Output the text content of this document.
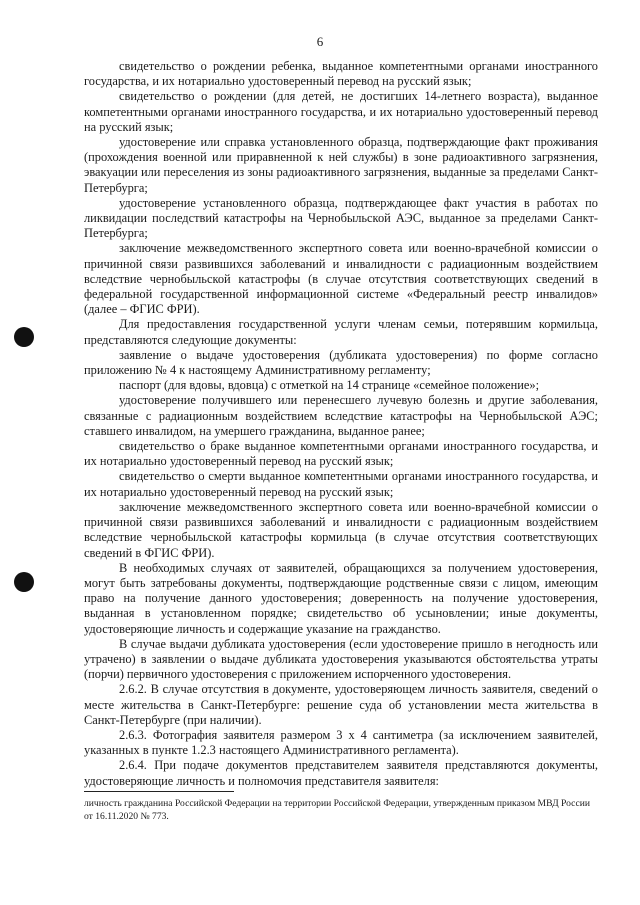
6

свидетельство о рождении ребенка, выданное компетентными органами иностранного государства, и их нотариально удостоверенный перевод на русский язык;

свидетельство о рождении (для детей, не достигших 14-летнего возраста), выданное компетентными органами иностранного государства, и их нотариально удостоверенный перевод на русский язык;

удостоверение или справка установленного образца, подтверждающие факт проживания (прохождения военной или приравненной к ней службы) в зоне радиоактивного загрязнения, эвакуации или переселения из зоны радиоактивного загрязнения, выданные за пределами Санкт-Петербурга;

удостоверение установленного образца, подтверждающее факт участия в работах по ликвидации последствий катастрофы на Чернобыльской АЭС, выданное за пределами Санкт-Петербурга;

заключение межведомственного экспертного совета или военно-врачебной комиссии о причинной связи развившихся заболеваний и инвалидности с радиационным воздействием вследствие чернобыльской катастрофы (в случае отсутствия соответствующих сведений в федеральной государственной информационной системе «Федеральный реестр инвалидов» (далее – ФГИС ФРИ).

Для предоставления государственной услуги членам семьи, потерявшим кормильца, представляются следующие документы:

заявление о выдаче удостоверения (дубликата удостоверения) по форме согласно приложению № 4 к настоящему Административному регламенту;

паспорт (для вдовы, вдовца) с отметкой на 14 странице «семейное положение»;

удостоверение получившего или перенесшего лучевую болезнь и другие заболевания, связанные с радиационным воздействием вследствие катастрофы на Чернобыльской АЭС; ставшего инвалидом, на умершего гражданина, выданное ранее;

свидетельство о браке выданное компетентными органами иностранного государства, и их нотариально удостоверенный перевод на русский язык;

свидетельство о смерти выданное компетентными органами иностранного государства, и их нотариально удостоверенный перевод на русский язык;

заключение межведомственного экспертного совета или военно-врачебной комиссии о причинной связи развившихся заболеваний и инвалидности с радиационным воздействием вследствие чернобыльской катастрофы кормильца (в случае отсутствия соответствующих сведений в ФГИС ФРИ).

В необходимых случаях от заявителей, обращающихся за получением удостоверения, могут быть затребованы документы, подтверждающие родственные связи с лицом, имеющим право на получение данного удостоверения; доверенность на получение удостоверения, выданная в установленном порядке; свидетельство об усыновлении; иные документы, удостоверяющие личность и содержащие указание на гражданство.

В случае выдачи дубликата удостоверения (если удостоверение пришло в негодность или утрачено) в заявлении о выдаче дубликата удостоверения указываются обстоятельства утраты (порчи) первичного удостоверения с приложением испорченного удостоверения.

2.6.2. В случае отсутствия в документе, удостоверяющем личность заявителя, сведений о месте жительства в Санкт-Петербурге: решение суда об установлении места жительства в Санкт-Петербурге (при наличии).

2.6.3. Фотография заявителя размером 3 х 4 сантиметра (за исключением заявителей, указанных в пункте 1.2.3 настоящего Административного регламента).

2.6.4. При подаче документов представителем заявителя представляются документы, удостоверяющие личность и полномочия представителя заявителя:

личность гражданина Российской Федерации на территории Российской Федерации, утвержденным приказом МВД России от 16.11.2020 № 773.
